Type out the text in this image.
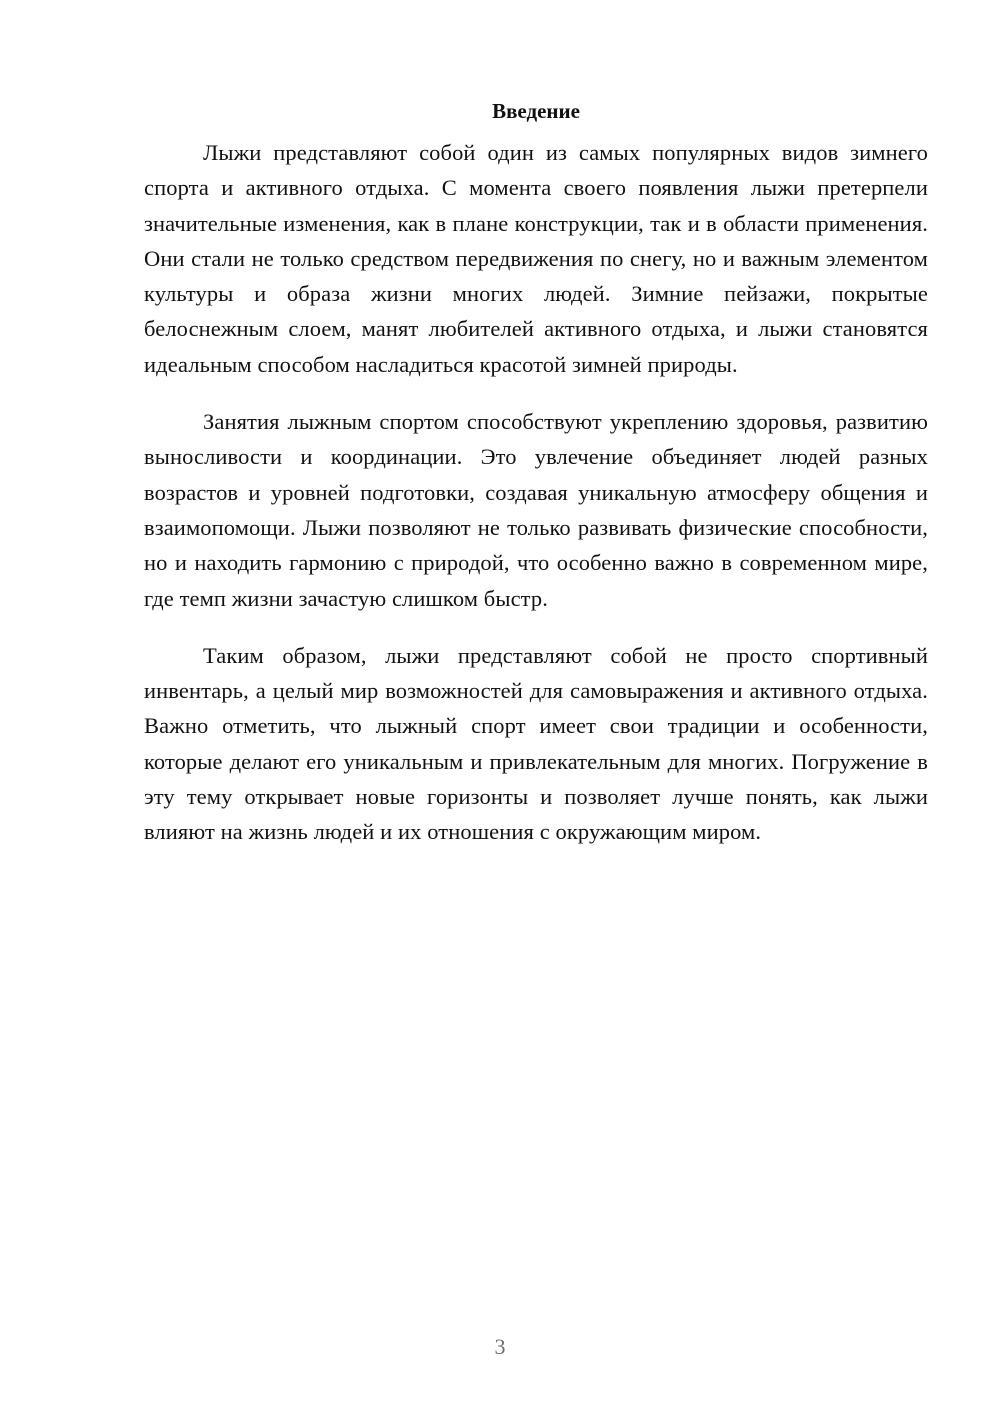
Введение

Лыжи представляют собой один из самых популярных видов зимнего спорта и активного отдыха. С момента своего появления лыжи претерпели значительные изменения, как в плане конструкции, так и в области применения. Они стали не только средством передвижения по снегу, но и важным элементом культуры и образа жизни многих людей. Зимние пейзажи, покрытые белоснежным слоем, манят любителей активного отдыха, и лыжи становятся идеальным способом насладиться красотой зимней природы.

Занятия лыжным спортом способствуют укреплению здоровья, развитию выносливости и координации. Это увлечение объединяет людей разных возрастов и уровней подготовки, создавая уникальную атмосферу общения и взаимопомощи. Лыжи позволяют не только развивать физические способности, но и находить гармонию с природой, что особенно важно в современном мире, где темп жизни зачастую слишком быстр.

Таким образом, лыжи представляют собой не просто спортивный инвентарь, а целый мир возможностей для самовыражения и активного отдыха. Важно отметить, что лыжный спорт имеет свои традиции и особенности, которые делают его уникальным и привлекательным для многих. Погружение в эту тему открывает новые горизонты и позволяет лучше понять, как лыжи влияют на жизнь людей и их отношения с окружающим миром.

3
